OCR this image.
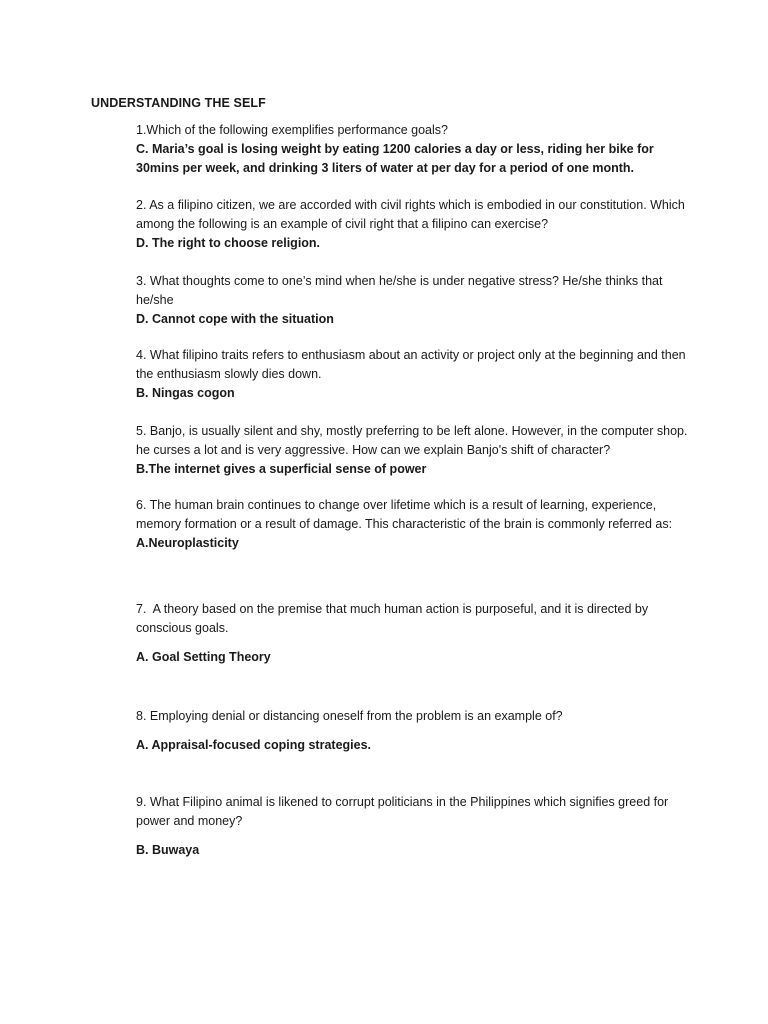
UNDERSTANDING THE SELF

1.Which of the following exemplifies performance goals?

C. Maria’s goal is losing weight by eating 1200 calories a day or less, riding her bike for 30mins per week, and drinking 3 liters of water at per day for a period of one month.

2. As a filipino citizen, we are accorded with civil rights which is embodied in our constitution. Which among the following is an example of civil right that a filipino can exercise?

D. The right to choose religion.

3. What thoughts come to one’s mind when he/she is under negative stress? He/she thinks that he/she

D. Cannot cope with the situation

4. What filipino traits refers to enthusiasm about an activity or project only at the beginning and then the enthusiasm slowly dies down.

B. Ningas cogon

5. Banjo, is usually silent and shy, mostly preferring to be left alone. However, in the computer shop. he curses a lot and is very aggressive. How can we explain Banjo's shift of character?

B.The internet gives a superficial sense of power

6. The human brain continues to change over lifetime which is a result of learning, experience, memory formation or a result of damage. This characteristic of the brain is commonly referred as:

A.Neuroplasticity

7.  A theory based on the premise that much human action is purposeful, and it is directed by conscious goals.

A. Goal Setting Theory

8. Employing denial or distancing oneself from the problem is an example of?

A. Appraisal-focused coping strategies.

9. What Filipino animal is likened to corrupt politicians in the Philippines which signifies greed for power and money?

B. Buwaya
